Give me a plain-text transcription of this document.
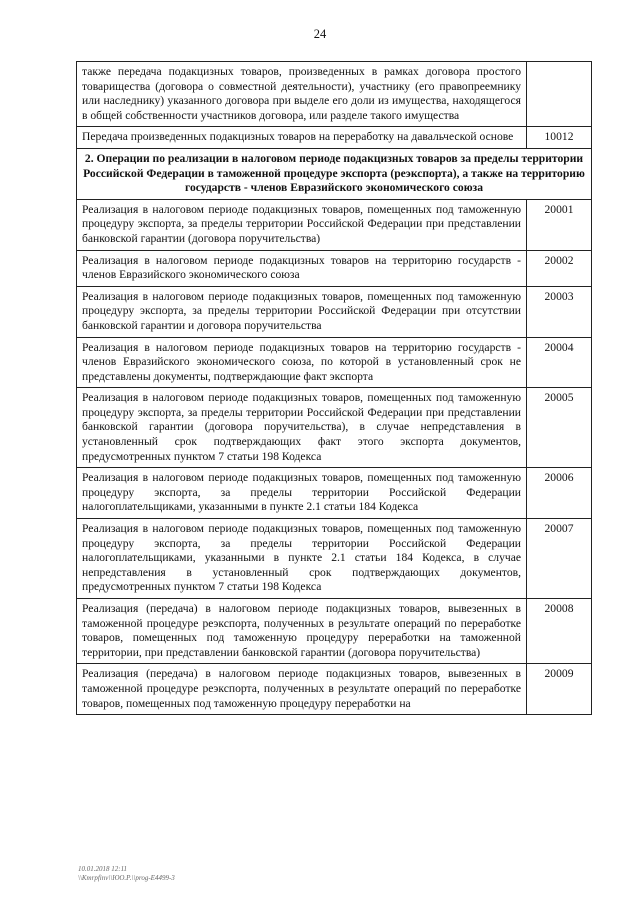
24
также передача подакцизных товаров, произведенных в рамках договора простого товарищества (договора о совместной деятельности), участнику (его правопреемнику или наследнику) указанного договора при выделе его доли из имущества, находящегося в общей собственности участников договора, или разделе такого имущества	
Передача произведенных подакцизных товаров на переработку на давальческой основе	10012
2. Операции по реализации в налоговом периоде подакцизных товаров за пределы территории Российской Федерации в таможенной процедуре экспорта (реэкспорта), а также на территорию государств - членов Евразийского экономического союза	
Реализация в налоговом периоде подакцизных товаров, помещенных под таможенную процедуру экспорта, за пределы территории Российской Федерации при представлении банковской гарантии (договора поручительства)	20001
Реализация в налоговом периоде подакцизных товаров на территорию государств - членов Евразийского экономического союза	20002
Реализация в налоговом периоде подакцизных товаров, помещенных под таможенную процедуру экспорта, за пределы территории Российской Федерации при отсутствии банковской гарантии и договора поручительства	20003
Реализация в налоговом периоде подакцизных товаров на территорию государств - членов Евразийского экономического союза, по которой в установленный срок не представлены документы, подтверждающие факт экспорта	20004
Реализация в налоговом периоде подакцизных товаров, помещенных под таможенную процедуру экспорта, за пределы территории Российской Федерации при представлении банковской гарантии (договора поручительства), в случае непредставления в установленный срок подтверждающих факт этого экспорта документов, предусмотренных пунктом 7 статьи 198 Кодекса	20005
Реализация в налоговом периоде подакцизных товаров, помещенных под таможенную процедуру экспорта, за пределы территории Российской Федерации налогоплательщиками, указанными в пункте 2.1 статьи 184 Кодекса	20006
Реализация в налоговом периоде подакцизных товаров, помещенных под таможенную процедуру экспорта, за пределы территории Российской Федерации налогоплательщиками, указанными в пункте 2.1 статьи 184 Кодекса, в случае непредставления в установленный срок подтверждающих документов, предусмотренных пунктом 7 статьи 198 Кодекса	20007
Реализация (передача) в налоговом периоде подакцизных товаров, вывезенных в таможенной процедуре реэкспорта, полученных в результате операций по переработке товаров, помещенных под таможенную процедуру переработки на таможенной территории, при представлении банковской гарантии (договора поручительства)	20008
Реализация (передача) в налоговом периоде подакцизных товаров, вывезенных в таможенной процедуре реэкспорта, полученных в результате операций по переработке товаров, помещенных под таможенную процедуру переработки на	20009
10.01.2018 12:11
\\Kmrpfinv\\ЮО.Р.\\prog-E4499-3
